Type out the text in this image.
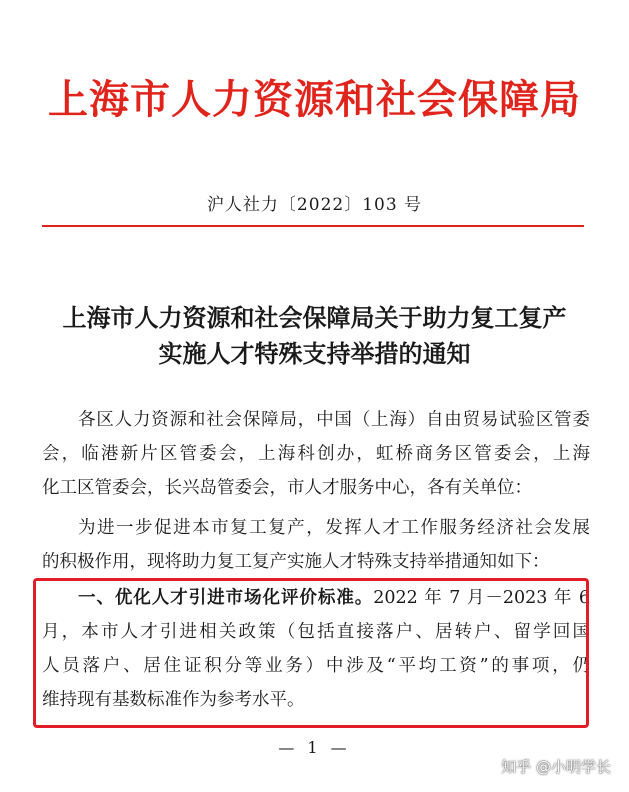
上海市人力资源和社会保障局
沪人社力〔2022〕103 号
上海市人力资源和社会保障局关于助力复工复产
实施人才特殊支持举措的通知
各区人力资源和社会保障局，中国（上海）自由贸易试验区管委
会，临港新片区管委会，上海科创办，虹桥商务区管委会，上海
化工区管委会，长兴岛管委会，市人才服务中心，各有关单位：
为进一步促进本市复工复产，发挥人才工作服务经济社会发展
的积极作用，现将助力复工复产实施人才特殊支持举措通知如下：
一、优化人才引进市场化评价标准。2022 年 7 月－2023 年 6
月，本市人才引进相关政策（包括直接落户、居转户、留学回国
人员落户、居住证积分等业务）中涉及“平均工资”的事项，仍
维持现有基数标准作为参考水平。
— 1 —
知乎 @小明学长
